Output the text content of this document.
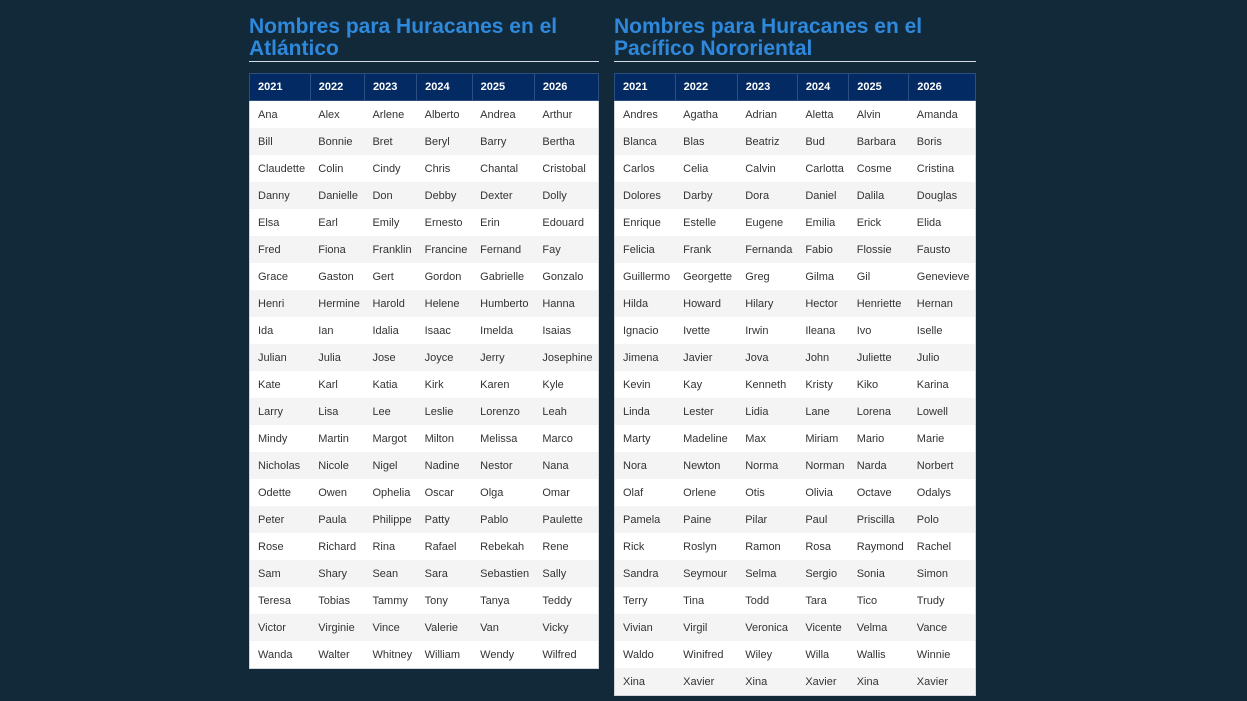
Nombres para Huracanes en el Atlántico
2021	2022	2023	2024	2025	2026
Ana	Alex	Arlene	Alberto	Andrea	Arthur
Bill	Bonnie	Bret	Beryl	Barry	Bertha
Claudette	Colin	Cindy	Chris	Chantal	Cristobal
Danny	Danielle	Don	Debby	Dexter	Dolly
Elsa	Earl	Emily	Ernesto	Erin	Edouard
Fred	Fiona	Franklin	Francine	Fernand	Fay
Grace	Gaston	Gert	Gordon	Gabrielle	Gonzalo
Henri	Hermine	Harold	Helene	Humberto	Hanna
Ida	Ian	Idalia	Isaac	Imelda	Isaias
Julian	Julia	Jose	Joyce	Jerry	Josephine
Kate	Karl	Katia	Kirk	Karen	Kyle
Larry	Lisa	Lee	Leslie	Lorenzo	Leah
Mindy	Martin	Margot	Milton	Melissa	Marco
Nicholas	Nicole	Nigel	Nadine	Nestor	Nana
Odette	Owen	Ophelia	Oscar	Olga	Omar
Peter	Paula	Philippe	Patty	Pablo	Paulette
Rose	Richard	Rina	Rafael	Rebekah	Rene
Sam	Shary	Sean	Sara	Sebastien	Sally
Teresa	Tobias	Tammy	Tony	Tanya	Teddy
Victor	Virginie	Vince	Valerie	Van	Vicky
Wanda	Walter	Whitney	William	Wendy	Wilfred
Nombres para Huracanes en el Pacífico Nororiental
2021	2022	2023	2024	2025	2026
Andres	Agatha	Adrian	Aletta	Alvin	Amanda
Blanca	Blas	Beatriz	Bud	Barbara	Boris
Carlos	Celia	Calvin	Carlotta	Cosme	Cristina
Dolores	Darby	Dora	Daniel	Dalila	Douglas
Enrique	Estelle	Eugene	Emilia	Erick	Elida
Felicia	Frank	Fernanda	Fabio	Flossie	Fausto
Guillermo	Georgette	Greg	Gilma	Gil	Genevieve
Hilda	Howard	Hilary	Hector	Henriette	Hernan
Ignacio	Ivette	Irwin	Ileana	Ivo	Iselle
Jimena	Javier	Jova	John	Juliette	Julio
Kevin	Kay	Kenneth	Kristy	Kiko	Karina
Linda	Lester	Lidia	Lane	Lorena	Lowell
Marty	Madeline	Max	Miriam	Mario	Marie
Nora	Newton	Norma	Norman	Narda	Norbert
Olaf	Orlene	Otis	Olivia	Octave	Odalys
Pamela	Paine	Pilar	Paul	Priscilla	Polo
Rick	Roslyn	Ramon	Rosa	Raymond	Rachel
Sandra	Seymour	Selma	Sergio	Sonia	Simon
Terry	Tina	Todd	Tara	Tico	Trudy
Vivian	Virgil	Veronica	Vicente	Velma	Vance
Waldo	Winifred	Wiley	Willa	Wallis	Winnie
Xina	Xavier	Xina	Xavier	Xina	Xavier
